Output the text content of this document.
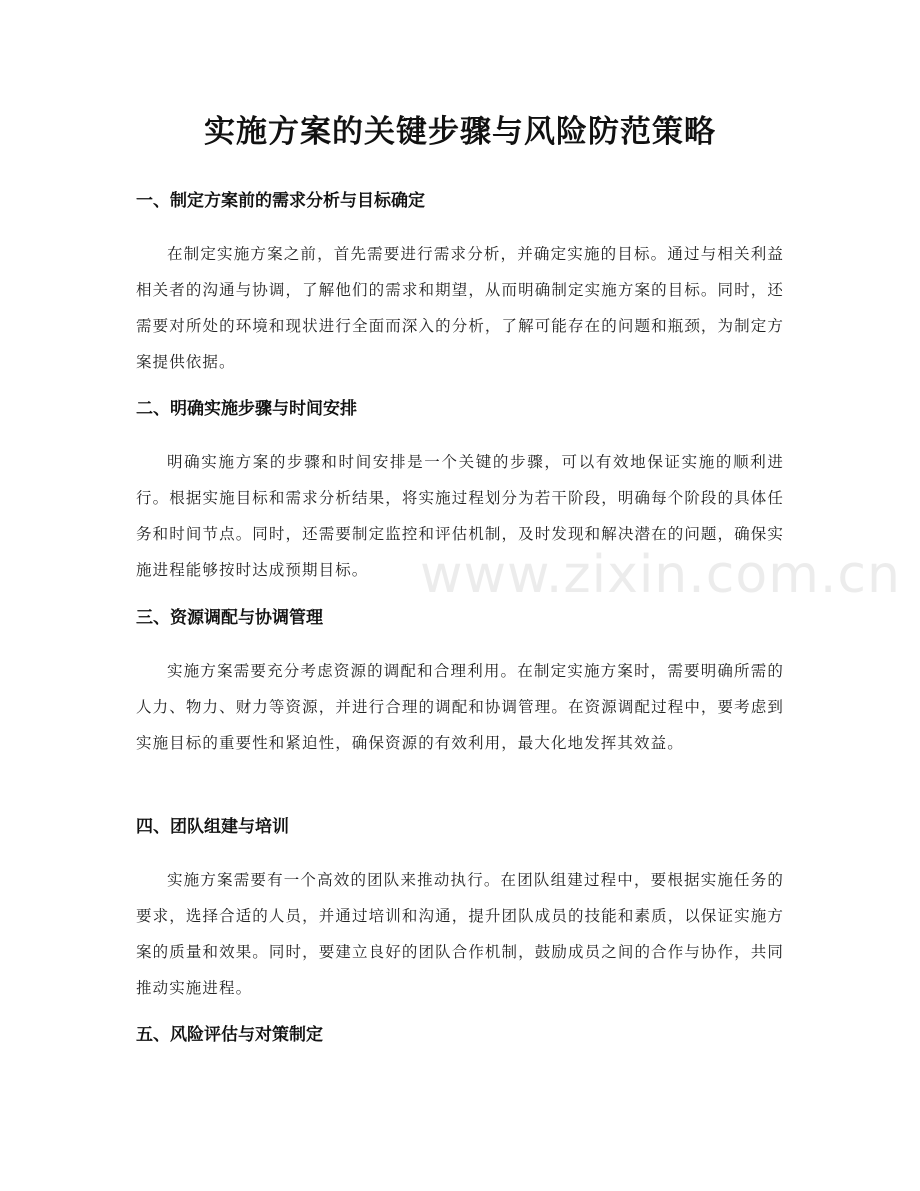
实施方案的关键步骤与风险防范策略
一、制定方案前的需求分析与目标确定

在制定实施方案之前，首先需要进行需求分析，并确定实施的目标。通过与相关利益相关者的沟通与协调，了解他们的需求和期望，从而明确制定实施方案的目标。同时，还需要对所处的环境和现状进行全面而深入的分析，了解可能存在的问题和瓶颈，为制定方案提供依据。

二、明确实施步骤与时间安排

明确实施方案的步骤和时间安排是一个关键的步骤，可以有效地保证实施的顺利进行。根据实施目标和需求分析结果，将实施过程划分为若干阶段，明确每个阶段的具体任务和时间节点。同时，还需要制定监控和评估机制，及时发现和解决潜在的问题，确保实施进程能够按时达成预期目标。

三、资源调配与协调管理

实施方案需要充分考虑资源的调配和合理利用。在制定实施方案时，需要明确所需的人力、物力、财力等资源，并进行合理的调配和协调管理。在资源调配过程中，要考虑到实施目标的重要性和紧迫性，确保资源的有效利用，最大化地发挥其效益。

四、团队组建与培训

实施方案需要有一个高效的团队来推动执行。在团队组建过程中，要根据实施任务的要求，选择合适的人员，并通过培训和沟通，提升团队成员的技能和素质，以保证实施方案的质量和效果。同时，要建立良好的团队合作机制，鼓励成员之间的合作与协作，共同推动实施进程。

五、风险评估与对策制定
www.zixin.com.cn
